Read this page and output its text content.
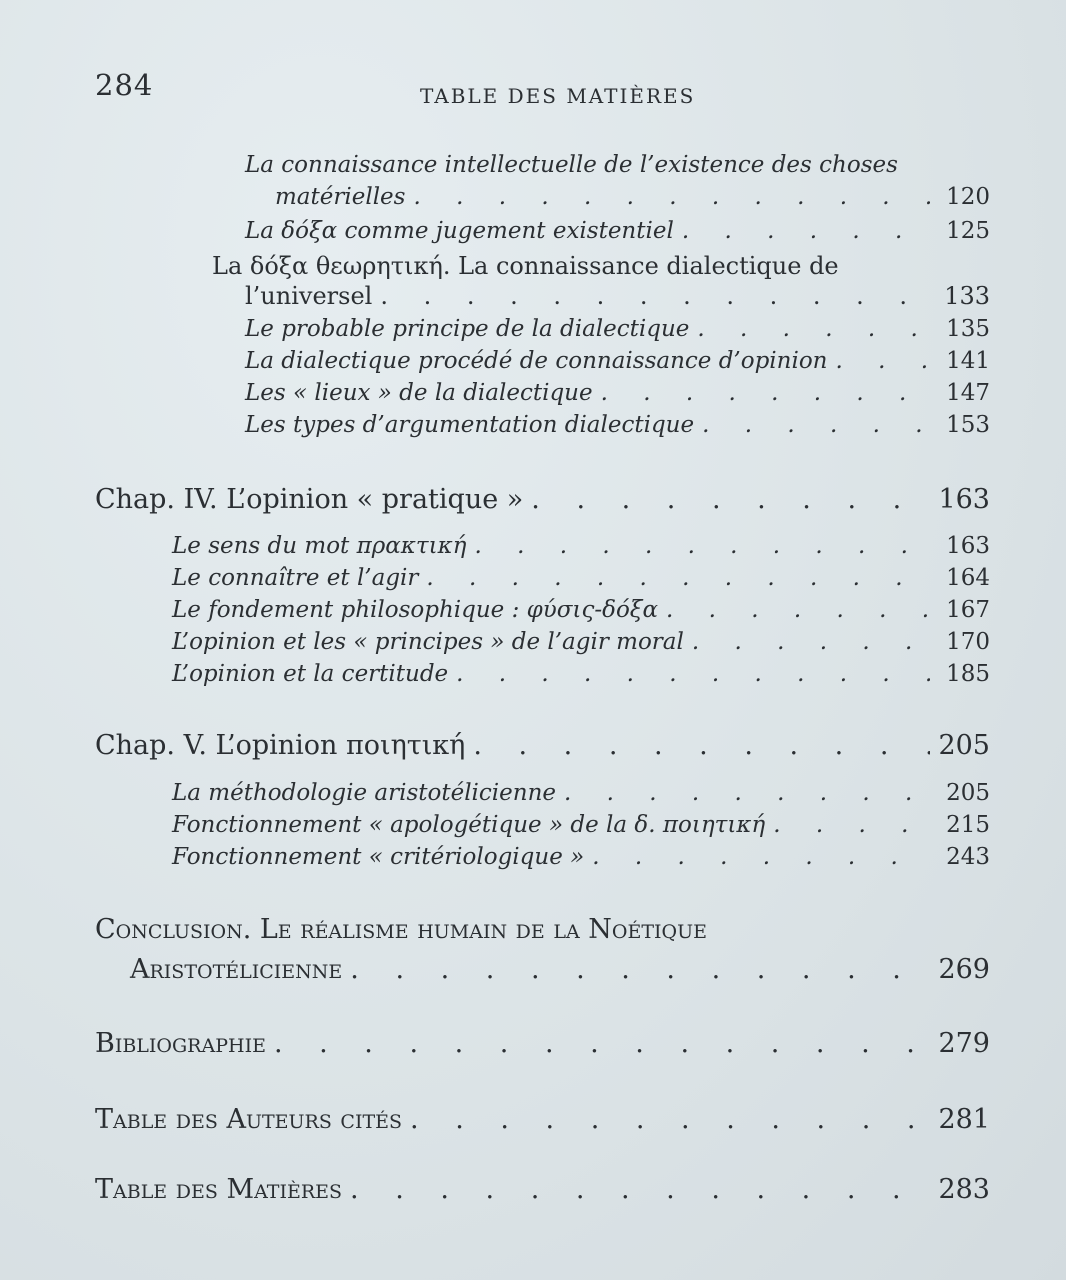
284	TABLE DES MATIÈRES
La connaissance intellectuelle de l’existence des choses
matérielles . . .	120
La δόξα comme jugement existentiel . . .	125
La δόξα θεωρητική. La connaissance dialectique de
l’universel . . .	133
Le probable principe de la dialectique . . .	135
La dialectique procédé de connaissance d’opinion . . .	141
Les « lieux » de la dialectique . . .	147
Les types d’argumentation dialectique . . .	153
Chap. IV. L’opinion « pratique » . . .	163
Le sens du mot πρακτική . . .	163
Le connaître et l’agir . . .	164
Le fondement philosophique : φύσις-δόξα . . .	167
L’opinion et les « principes » de l’agir moral . . .	170
L’opinion et la certitude . . .	185
Chap. V. L’opinion ποιητική . . .	205
La méthodologie aristotélicienne . . .	205
Fonctionnement « apologétique » de la δ. ποιητική . . .	215
Fonctionnement « critériologique » . . .	243
Conclusion. Le réalisme humain de la Noétique
Aristotélicienne . . .	269
Bibliographie . . .	279
Table des Auteurs cités . . .	281
Table des Matières . . .	283
